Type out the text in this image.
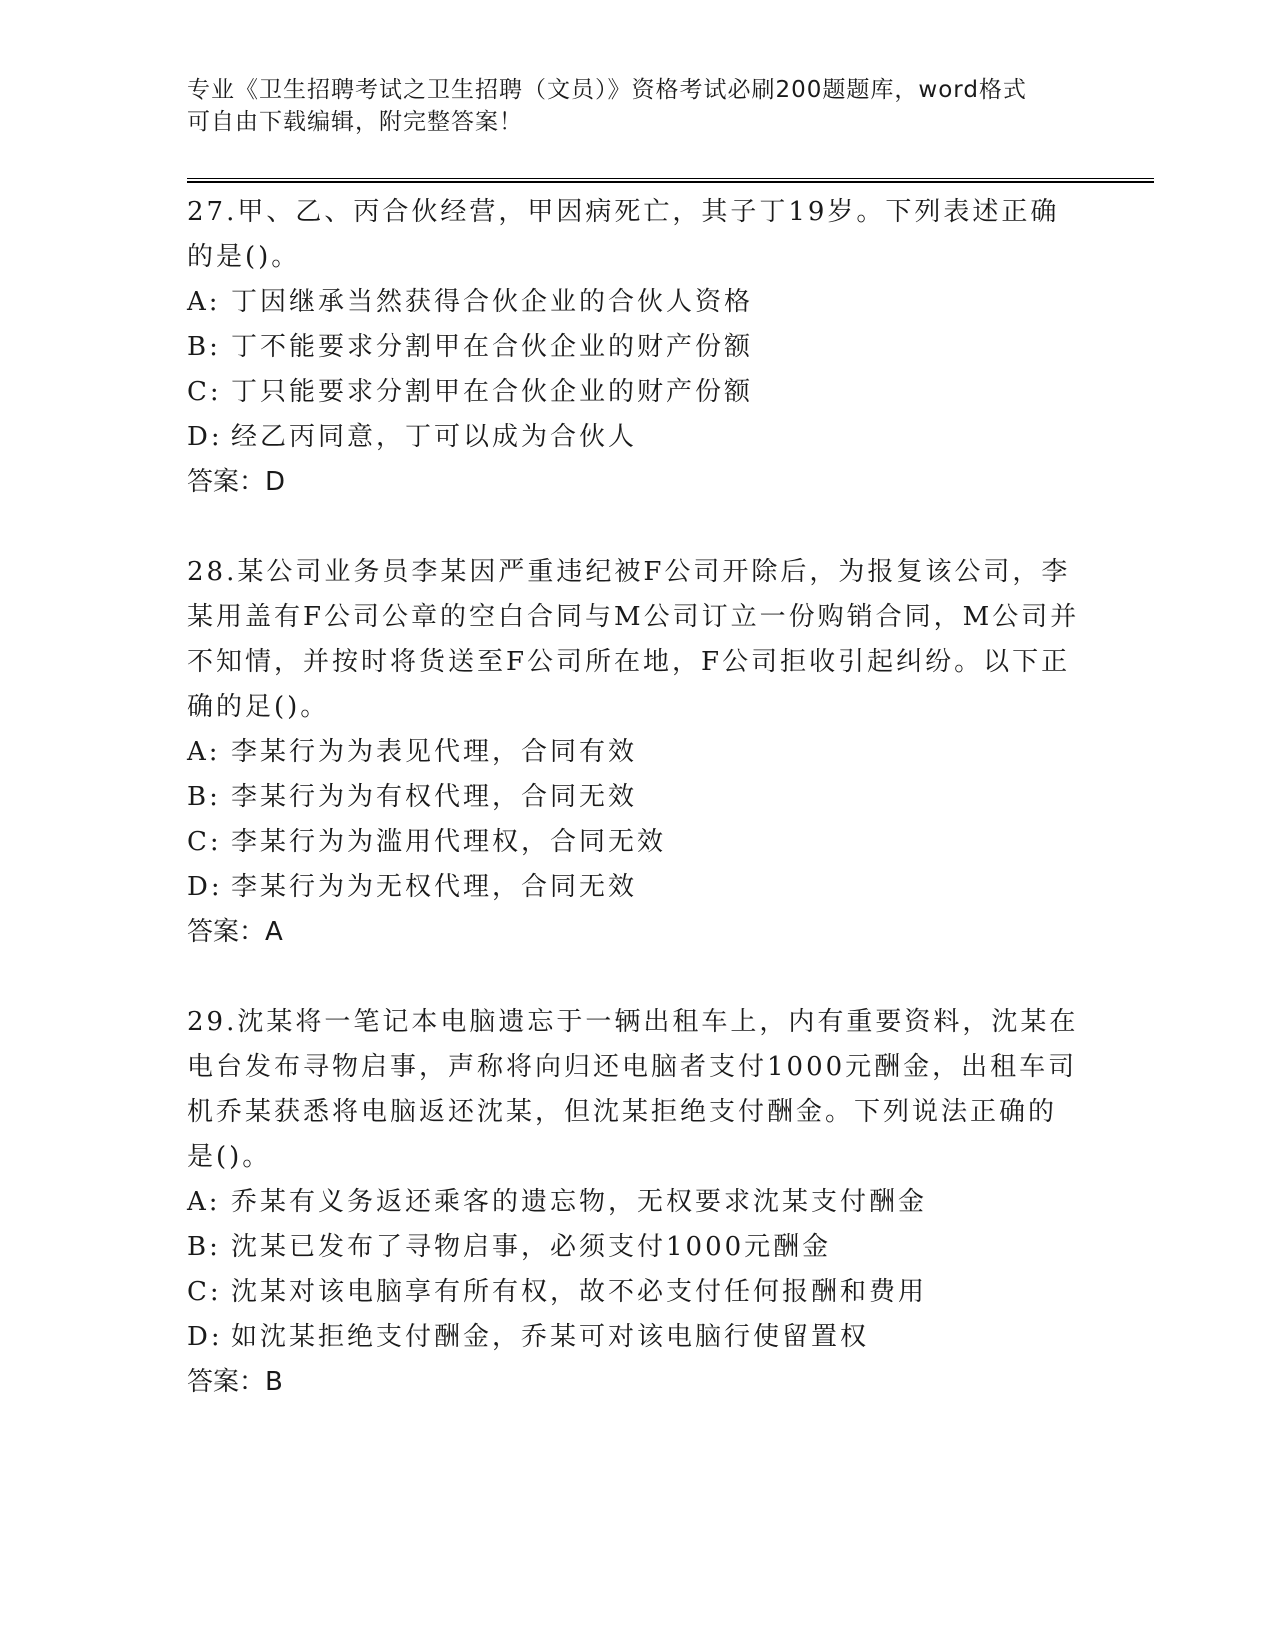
专业《卫生招聘考试之卫生招聘（文员）》资格考试必刷200题题库，word格式
可自由下载编辑，附完整答案！

27.甲、乙、丙合伙经营，甲因病死亡，其子丁19岁。下列表述正确

的是()。

A: 丁因继承当然获得合伙企业的合伙人资格

B: 丁不能要求分割甲在合伙企业的财产份额

C: 丁只能要求分割甲在合伙企业的财产份额

D: 经乙丙同意，丁可以成为合伙人

答案：D

28.某公司业务员李某因严重违纪被F公司开除后，为报复该公司，李

某用盖有F公司公章的空白合同与M公司订立一份购销合同，M公司并

不知情，并按时将货送至F公司所在地，F公司拒收引起纠纷。以下正

确的足()。

A: 李某行为为表见代理，合同有效

B: 李某行为为有权代理，合同无效

C: 李某行为为滥用代理权，合同无效

D: 李某行为为无权代理，合同无效

答案：A

29.沈某将一笔记本电脑遗忘于一辆出租车上，内有重要资料，沈某在

电台发布寻物启事，声称将向归还电脑者支付1000元酬金，出租车司

机乔某获悉将电脑返还沈某，但沈某拒绝支付酬金。下列说法正确的

是()。

A: 乔某有义务返还乘客的遗忘物，无权要求沈某支付酬金

B: 沈某已发布了寻物启事，必须支付1000元酬金

C: 沈某对该电脑享有所有权，故不必支付任何报酬和费用

D: 如沈某拒绝支付酬金，乔某可对该电脑行使留置权

答案：B
